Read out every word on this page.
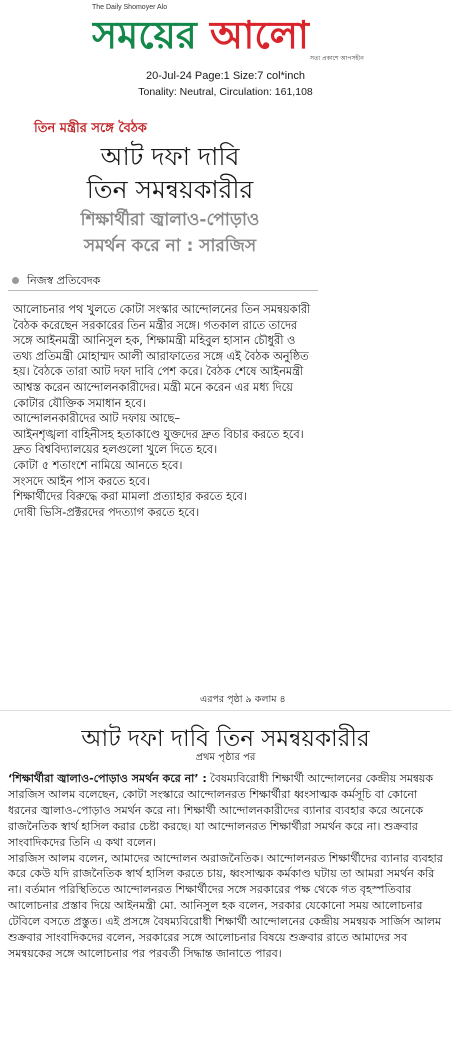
The Daily Shomoyer Alo
সময়ের আলো
সত্য প্রকাশে আপসহীন
20-Jul-24 Page:1 Size:7 col*inch
Tonality: Neutral, Circulation: 161,108
তিন মন্ত্রীর সঙ্গে বৈঠক
আট দফা দাবি
তিন সমন্বয়কারীর
শিক্ষার্থীরা জ্বালাও-পোড়াও
সমর্থন করে না : সারজিস
নিজস্ব প্রতিবেদক

আলোচনার পথ খুলতে কোটা সংস্কার আন্দোলনের তিন সমন্বয়কারী বৈঠক করেছেন সরকারের তিন মন্ত্রীর সঙ্গে। গতকাল রাতে তাদের সঙ্গে আইনমন্ত্রী আনিসুল হক, শিক্ষামন্ত্রী মহিবুল হাসান চৌধুরী ও তথ্য প্রতিমন্ত্রী মোহাম্মদ আলী আরাফাতের সঙ্গে এই বৈঠক অনুষ্ঠিত হয়। বৈঠকে তারা আট দফা দাবি পেশ করে। বৈঠক শেষে আইনমন্ত্রী আশ্বস্ত করেন আন্দোলনকারীদের। মন্ত্রী মনে করেন এর মধ্য দিয়ে কোটার যৌক্তিক সমাধান হবে।

আন্দোলনকারীদের আট দফায় আছে–

আইনশৃঙ্খলা বাহিনীসহ হতাকাণ্ডে যুক্তদের দ্রুত বিচার করতে হবে।

দ্রুত বিশ্ববিদ্যালয়ের হলগুলো খুলে দিতে হবে।

কোটা ৫ শতাংশে নামিয়ে আনতে হবে।

সংসদে আইন পাস করতে হবে।

শিক্ষার্থীদের বিরুদ্ধে করা মামলা প্রত্যাহার করতে হবে।

দোষী ভিসি-প্রক্টরদের পদত্যাগ করতে হবে।

এরপর পৃষ্ঠা ৯ কলাম ৪
আট দফা দাবি তিন সমন্বয়কারীর
প্রথম পৃষ্ঠার পর

‘শিক্ষার্থীরা জ্বালাও-পোড়াও সমর্থন করে না’ : বৈষম্যবিরোধী শিক্ষার্থী আন্দোলনের কেন্দ্রীয় সমন্বয়ক সারজিস আলম বলেছেন, কোটা সংস্কারে আন্দোলনরত শিক্ষার্থীরা ধ্বংসাত্মক কর্মসূচি বা কোনো ধরনের জ্বালাও-পোড়াও সমর্থন করে না। শিক্ষার্থী আন্দোলনকারীদের ব্যানার ব্যবহার করে অনেকে রাজনৈতিক স্বার্থ হাসিল করার চেষ্টা করছে। যা আন্দোলনরত শিক্ষার্থীরা সমর্থন করে না। শুক্রবার সাংবাদিকদের তিনি এ কথা বলেন।

সারজিস আলম বলেন, আমাদের আন্দোলন অরাজনৈতিক। আন্দোলনরত শিক্ষার্থীদের ব্যানার ব্যবহার করে কেউ যদি রাজনৈতিক স্বার্থ হাসিল করতে চায়, ধ্বংসাত্মক কর্মকাণ্ড ঘটায় তা আমরা সমর্থন করি না। বর্তমান পরিস্থিতিতে আন্দোলনরত শিক্ষার্থীদের সঙ্গে সরকারের পক্ষ থেকে গত বৃহস্পতিবার আলোচনার প্রস্তাব দিয়ে আইনমন্ত্রী মো. আনিসুল হক বলেন, সরকার যেকোনো সময় আলোচনার টেবিলে বসতে প্রস্তুত। এই প্রসঙ্গে বৈষম্যবিরোধী শিক্ষার্থী আন্দোলনের কেন্দ্রীয় সমন্বয়ক সার্জিস আলম শুক্রবার সাংবাদিকদের বলেন, সরকারের সঙ্গে আলোচনার বিষয়ে শুক্রবার রাতে আমাদের সব সমন্বয়কের সঙ্গে আলোচনার পর পরবর্তী সিদ্ধান্ত জানাতে পারব।
